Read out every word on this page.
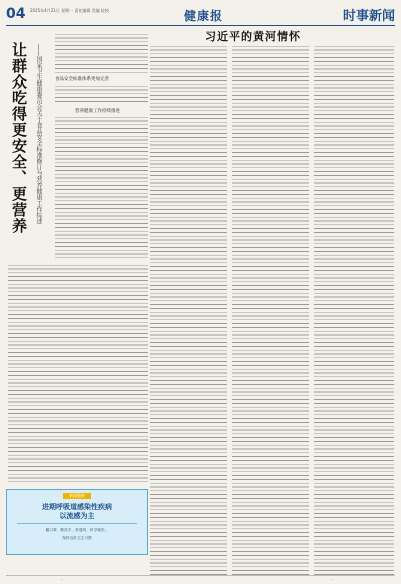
04 2025年4月21日 星期一 责任编辑 美编 检校	健康报	时事新闻
让群众吃得更安全、更营养	——国家卫生健康委员会关于食品安全标准修订与营养健康工作综述	食品安全标准体系更加完善
营养健康工作持续推进
习近平的黄河情怀
新闻链接
进期呼吸道感染性疾病
以流感为主
戴口罩、勤洗手、常通风，科学就医，
保持良好卫生习惯
—	—
